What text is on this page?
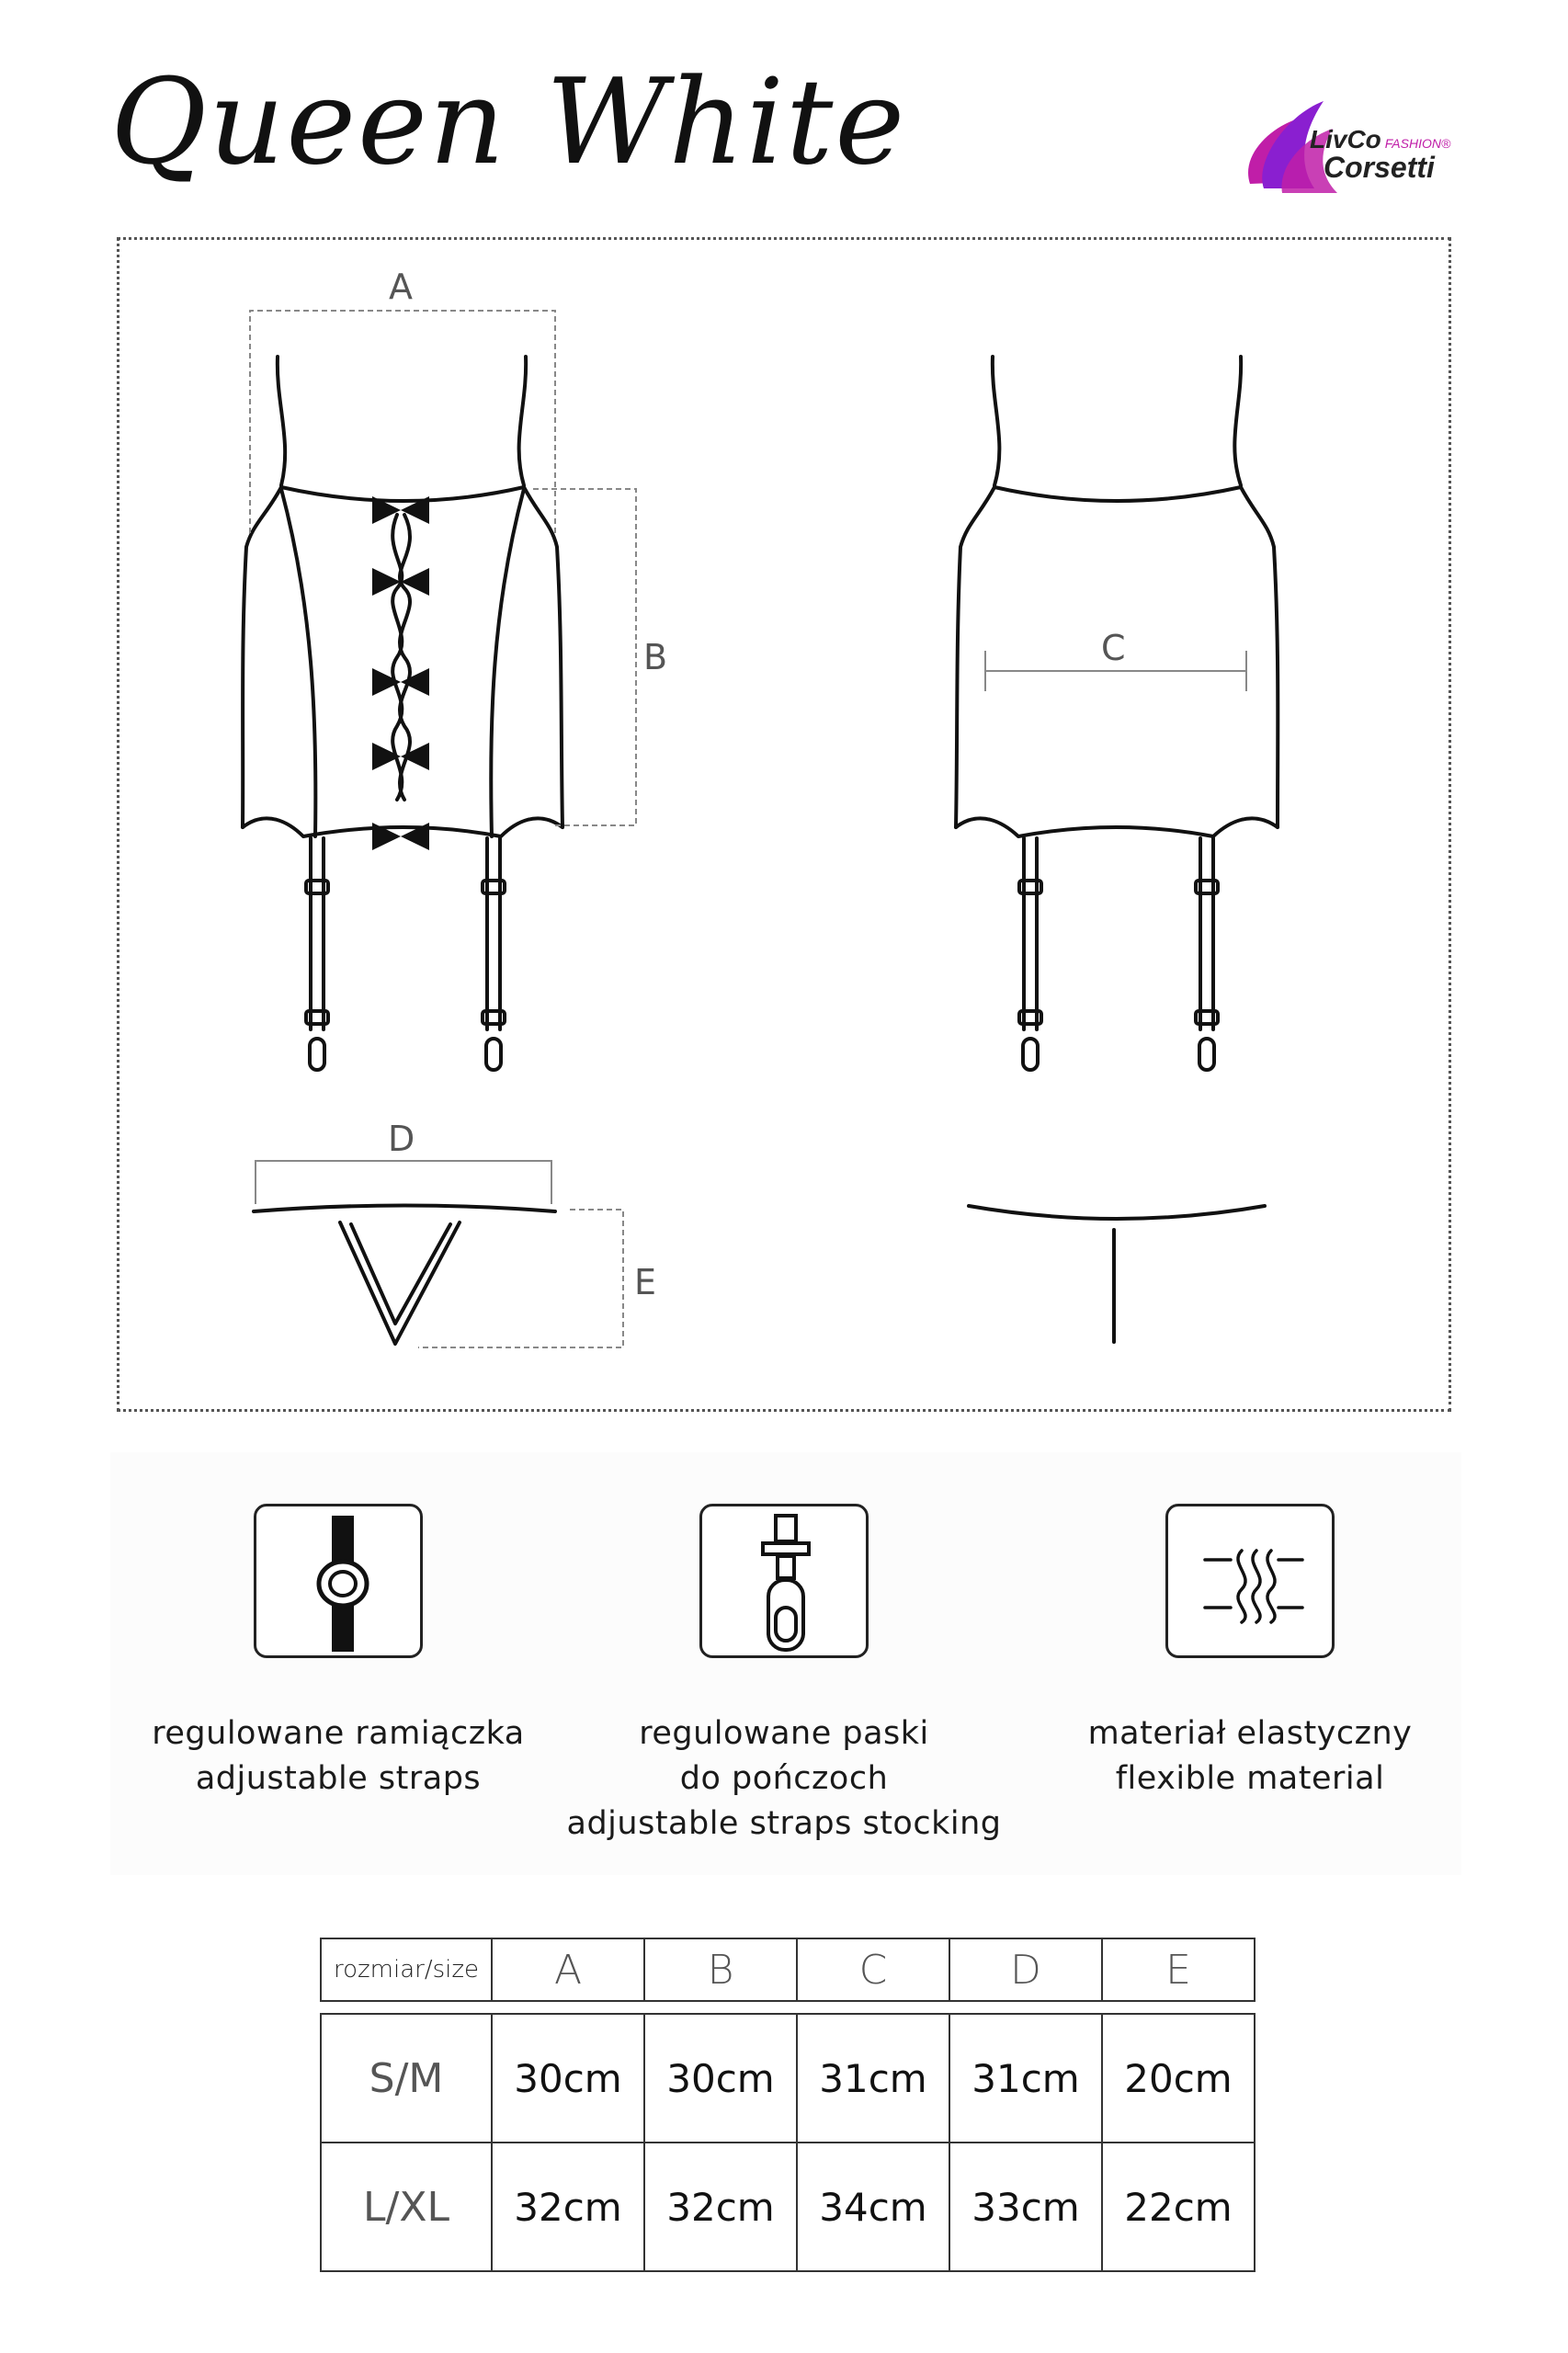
Queen White	LivCo FASHION®
Corsetti
A
B	C
D
E
regulowane ramiączka
adjustable straps
regulowane paski
do pończoch
adjustable straps stocking
materiał elastyczny
flexible material
rozmiar/size	A	B	C	D	E

S/M	30cm	30cm	31cm	31cm	20cm
L/XL	32cm	32cm	34cm	33cm	22cm
